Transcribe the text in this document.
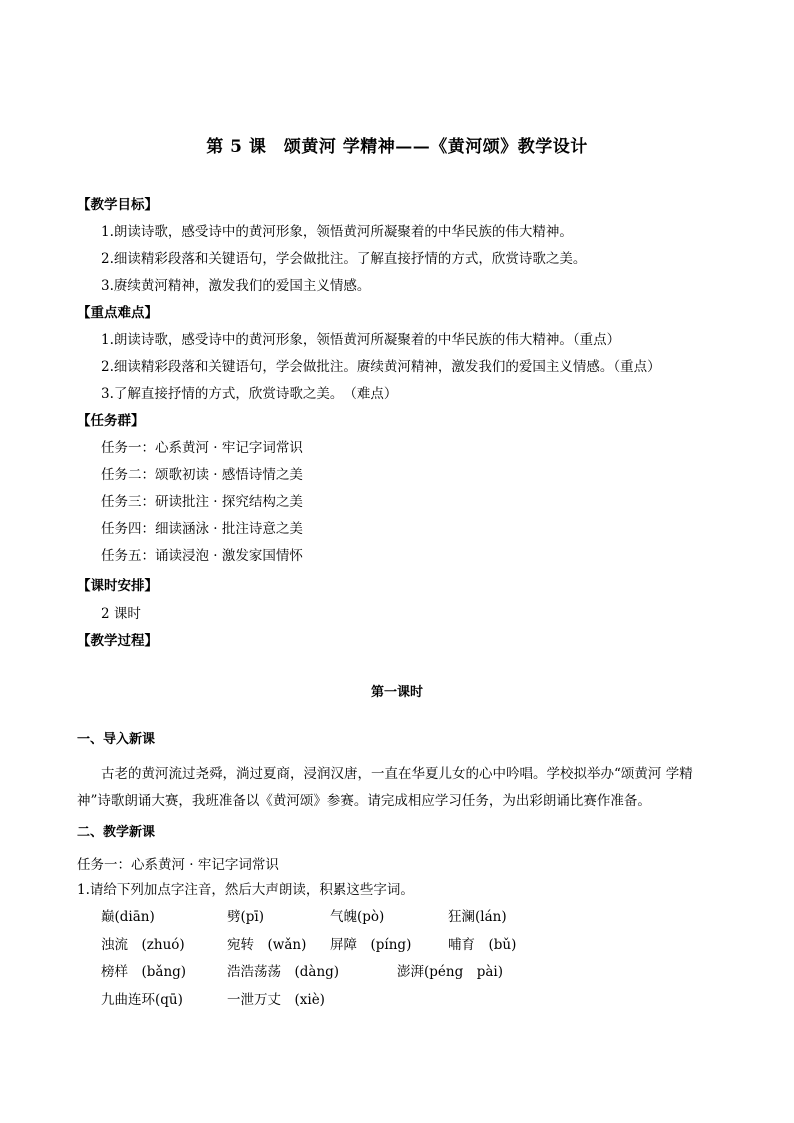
第 5 课　颂黄河 学精神——《黄河颂》教学设计
【教学目标】
1.朗读诗歌，感受诗中的黄河形象，领悟黄河所凝聚着的中华民族的伟大精神。
2.细读精彩段落和关键语句，学会做批注。了解直接抒情的方式，欣赏诗歌之美。
3.赓续黄河精神，激发我们的爱国主义情感。
【重点难点】
1.朗读诗歌，感受诗中的黄河形象，领悟黄河所凝聚着的中华民族的伟大精神。（重点）
2.细读精彩段落和关键语句，学会做批注。赓续黄河精神，激发我们的爱国主义情感。（重点）
3.了解直接抒情的方式，欣赏诗歌之美。　（难点）
【任务群】
任务一：心系黄河 · 牢记字词常识
任务二：颂歌初读 · 感悟诗情之美
任务三：研读批注 · 探究结构之美
任务四：细读涵泳 · 批注诗意之美
任务五：诵读浸泡 · 激发家国情怀
【课时安排】
2 课时
【教学过程】
第一课时
一、导入新课
古老的黄河流过尧舜，淌过夏商，浸润汉唐，一直在华夏儿女的心中吟唱。学校拟举办“颂黄河 学精
神”诗歌朗诵大赛，我班准备以《黄河颂》参赛。请完成相应学习任务，为出彩朗诵比赛作准备。
二、教学新课
任务一：心系黄河 · 牢记字词常识
1.请给下列加点字注音，然后大声朗读，积累这些字词。
巅(diān)	劈(pī)	气魄(pò)	狂澜(lán)
浊流　(zhuó)	宛转　(wǎn) 屏障　(píng)	哺育　(bǔ)
榜样　(bǎng)	浩浩荡荡　(dàng)	澎湃(péng　pài)
九曲连环(qū)	一泄万丈　(xiè)
